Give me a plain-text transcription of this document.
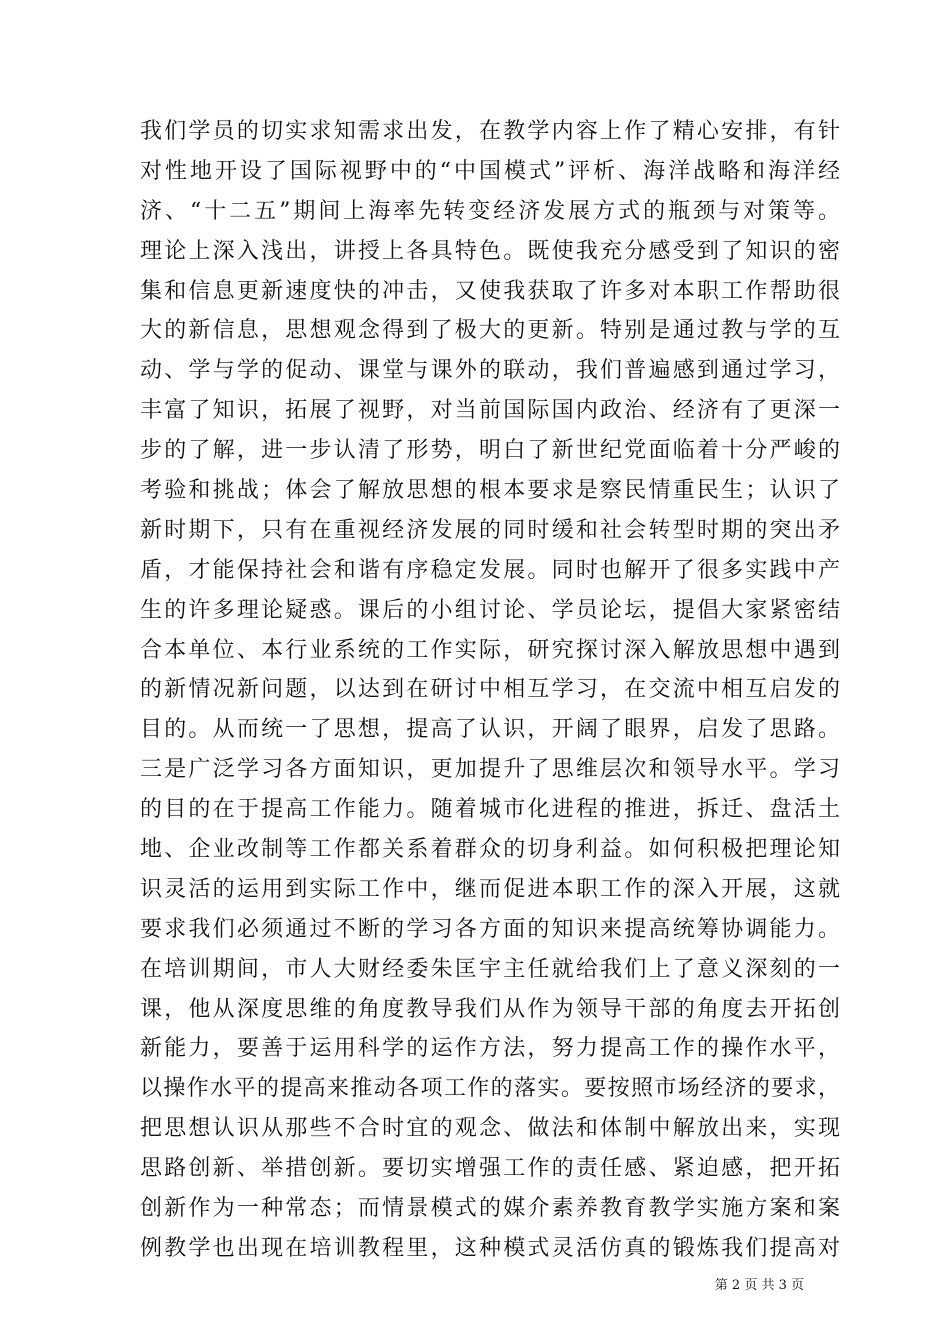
我们学员的切实求知需求出发，在教学内容上作了精心安排，有针
对性地开设了国际视野中的“中国模式”评析、海洋战略和海洋经
济、“十二五”期间上海率先转变经济发展方式的瓶颈与对策等。
理论上深入浅出，讲授上各具特色。既使我充分感受到了知识的密
集和信息更新速度快的冲击，又使我获取了许多对本职工作帮助很
大的新信息，思想观念得到了极大的更新。特别是通过教与学的互
动、学与学的促动、课堂与课外的联动，我们普遍感到通过学习，
丰富了知识，拓展了视野，对当前国际国内政治、经济有了更深一
步的了解，进一步认清了形势，明白了新世纪党面临着十分严峻的
考验和挑战；体会了解放思想的根本要求是察民情重民生；认识了
新时期下，只有在重视经济发展的同时缓和社会转型时期的突出矛
盾，才能保持社会和谐有序稳定发展。同时也解开了很多实践中产
生的许多理论疑惑。课后的小组讨论、学员论坛，提倡大家紧密结
合本单位、本行业系统的工作实际，研究探讨深入解放思想中遇到
的新情况新问题，以达到在研讨中相互学习，在交流中相互启发的
目的。从而统一了思想，提高了认识，开阔了眼界，启发了思路。
三是广泛学习各方面知识，更加提升了思维层次和领导水平。学习
的目的在于提高工作能力。随着城市化进程的推进，拆迁、盘活土
地、企业改制等工作都关系着群众的切身利益。如何积极把理论知
识灵活的运用到实际工作中，继而促进本职工作的深入开展，这就
要求我们必须通过不断的学习各方面的知识来提高统筹协调能力。
在培训期间，市人大财经委朱匡宇主任就给我们上了意义深刻的一
课，他从深度思维的角度教导我们从作为领导干部的角度去开拓创
新能力，要善于运用科学的运作方法，努力提高工作的操作水平，
以操作水平的提高来推动各项工作的落实。要按照市场经济的要求，
把思想认识从那些不合时宜的观念、做法和体制中解放出来，实现
思路创新、举措创新。要切实增强工作的责任感、紧迫感，把开拓
创新作为一种常态；而情景模式的媒介素养教育教学实施方案和案
例教学也出现在培训教程里，这种模式灵活仿真的锻炼我们提高对
第 2 页 共 3 页
